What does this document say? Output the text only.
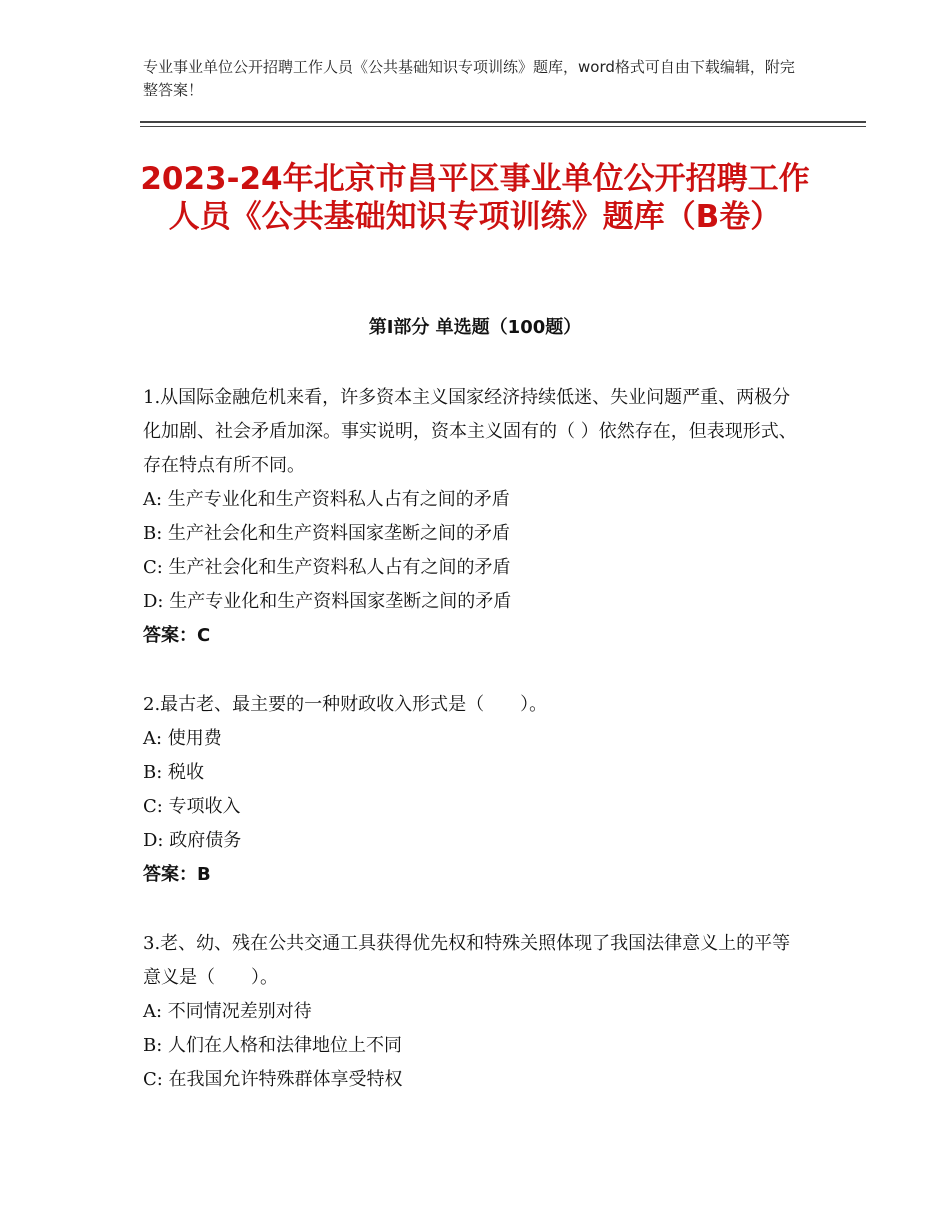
专业事业单位公开招聘工作人员《公共基础知识专项训练》题库，word格式可自由下载编辑，附完整答案！
2023-24年北京市昌平区事业单位公开招聘工作人员《公共基础知识专项训练》题库（B卷）
第Ⅰ部分 单选题（100题）
1.从国际金融危机来看，许多资本主义国家经济持续低迷、失业问题严重、两极分化加剧、社会矛盾加深。事实说明，资本主义固有的（ ）依然存在，但表现形式、存在特点有所不同。
A: 生产专业化和生产资料私人占有之间的矛盾
B: 生产社会化和生产资料国家垄断之间的矛盾
C: 生产社会化和生产资料私人占有之间的矛盾
D: 生产专业化和生产资料国家垄断之间的矛盾
答案：C
2.最古老、最主要的一种财政收入形式是（　　）。
A: 使用费
B: 税收
C: 专项收入
D: 政府债务
答案：B
3.老、幼、残在公共交通工具获得优先权和特殊关照体现了我国法律意义上的平等意义是（　　）。
A: 不同情况差别对待
B: 人们在人格和法律地位上不同
C: 在我国允许特殊群体享受特权
